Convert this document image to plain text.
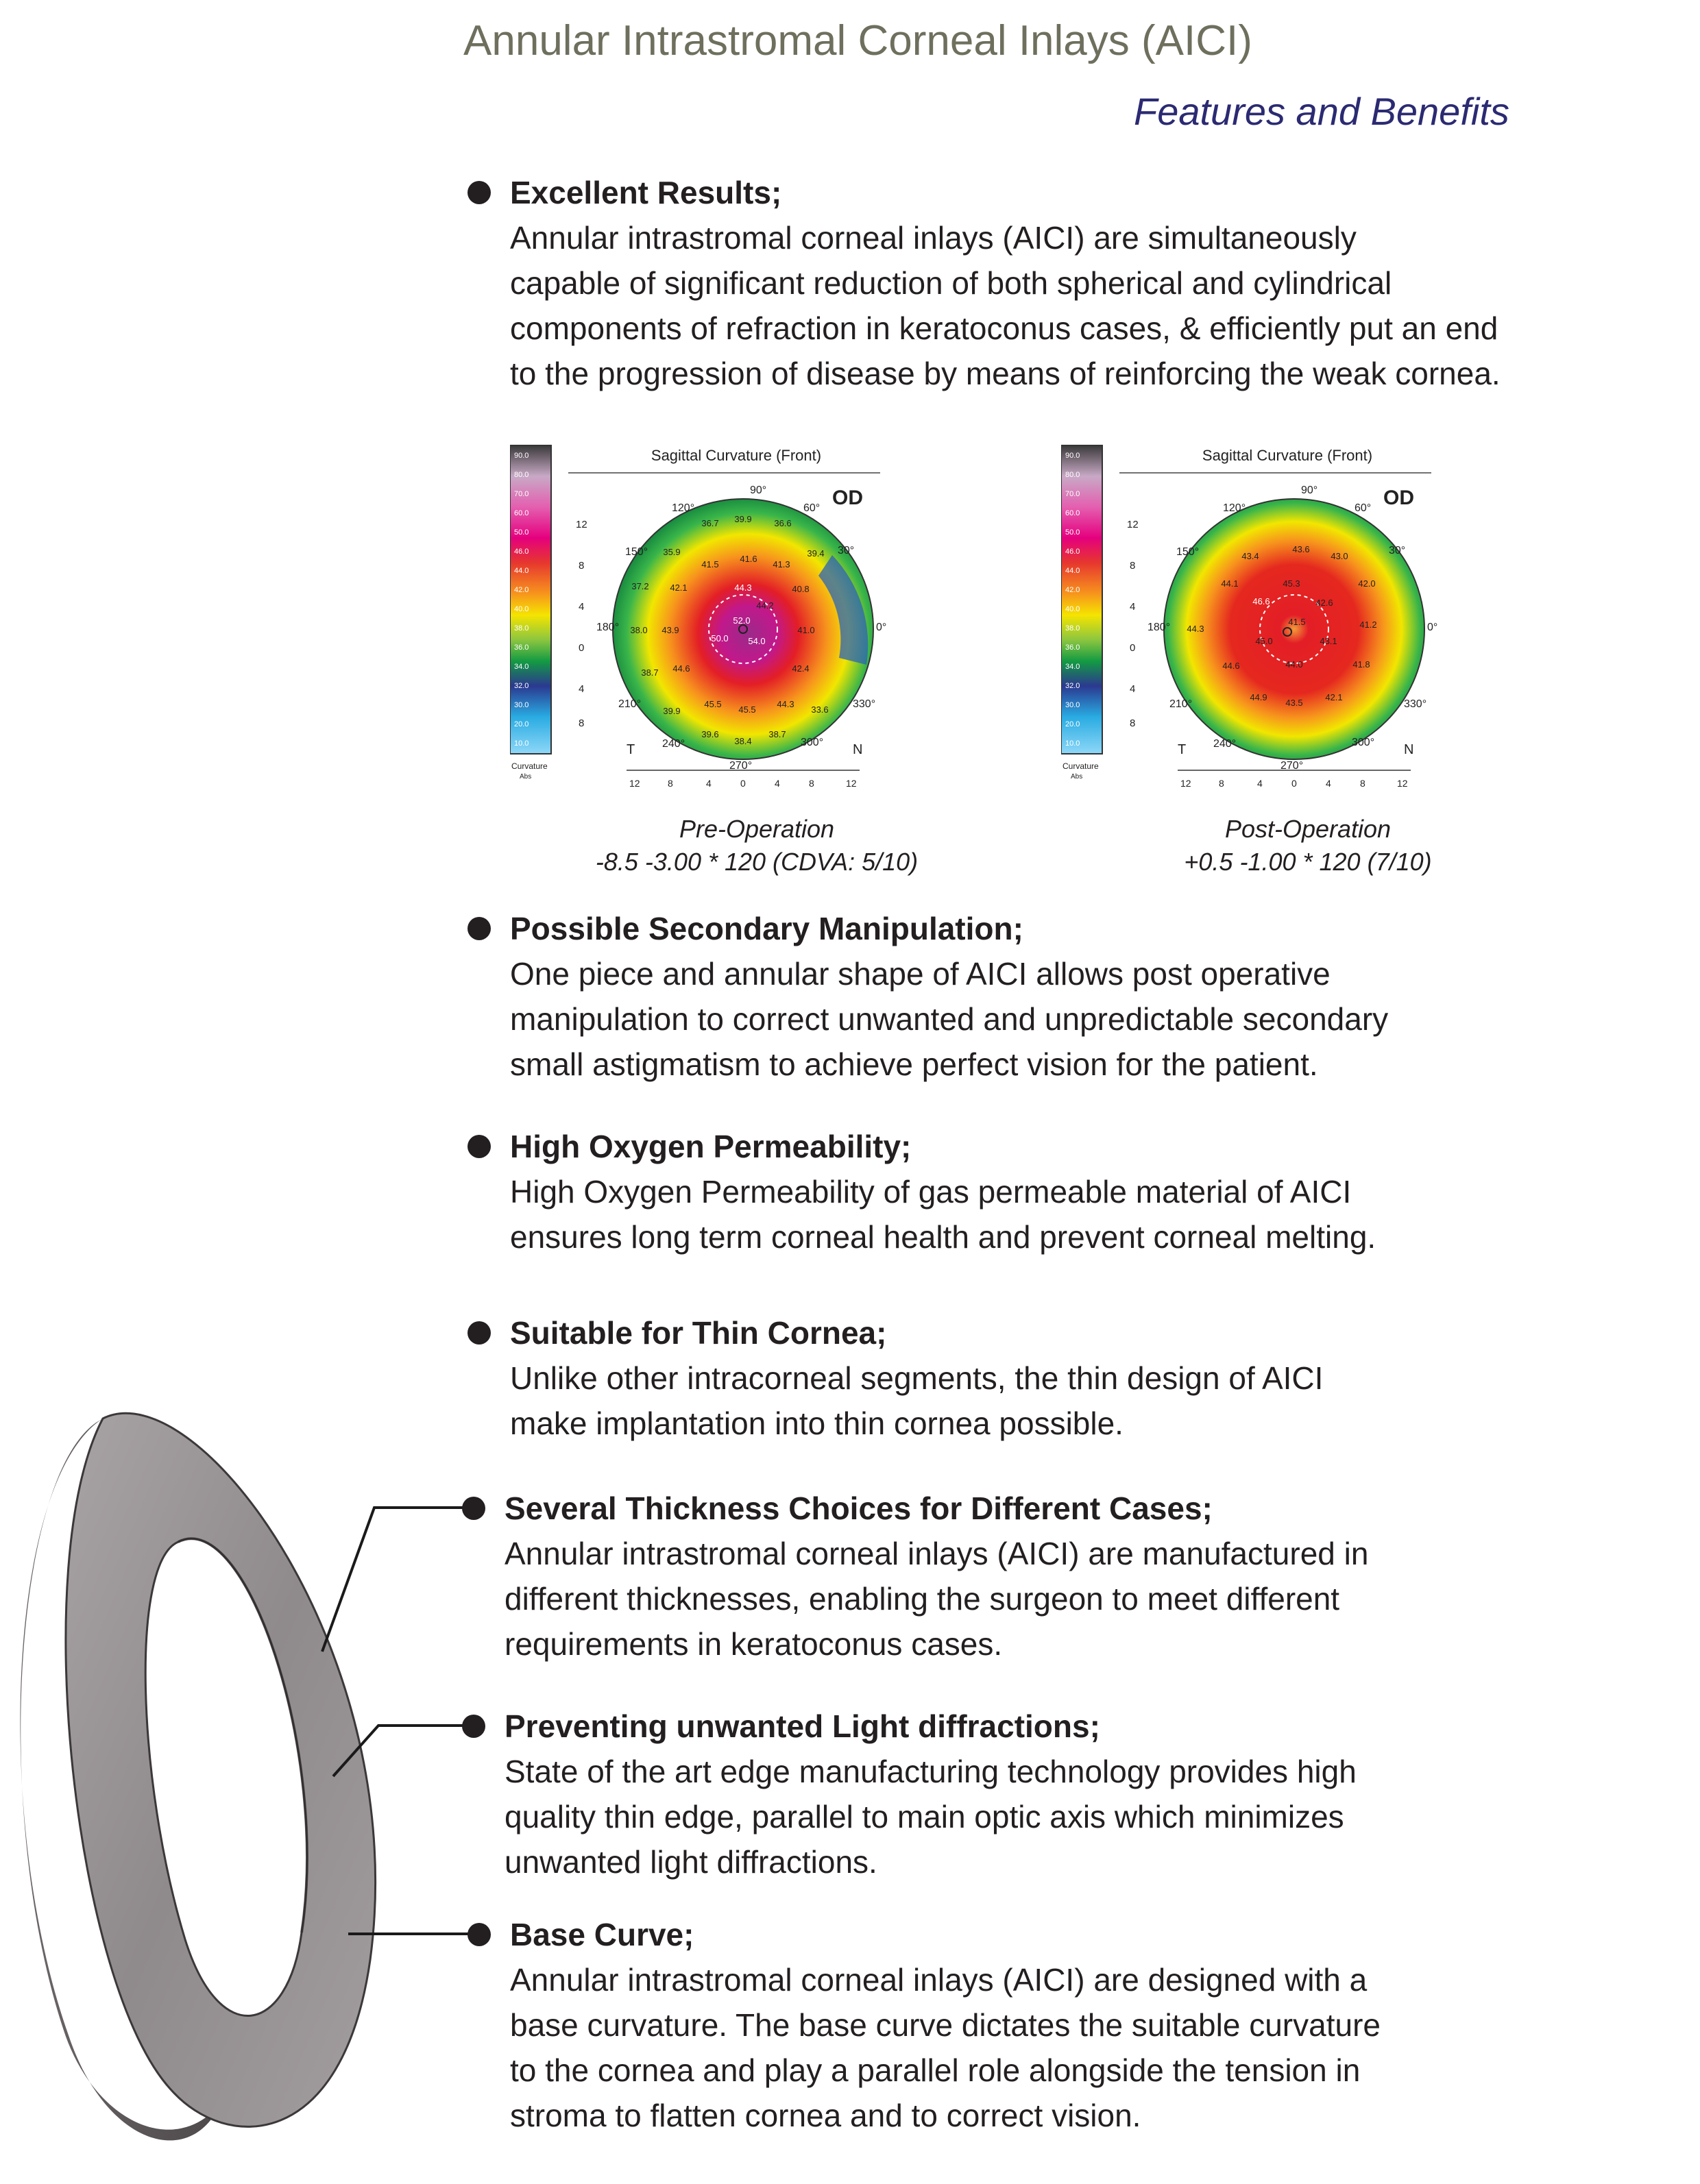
Annular Intrastromal Corneal Inlays (AICI)
Features and Benefits
Excellent Results;
Annular intrastromal corneal inlays (AICI) are simultaneously
capable of significant reduction of both spherical and cylindrical
components of refraction in keratoconus cases, & efficiently put an end
to the progression of disease by means of reinforcing the weak cornea.
90.0
80.0
70.0
60.0
50.0
46.0
44.0
42.0
40.0
38.0
36.0
34.0
32.0
30.0
20.0
10.0
Curvature
Abs
Sagittal Curvature (Front)
OD
90°
60°
30°
0°
330°
300°
270°
240°
210°
180°
150°
120°
12
8
4
0
4
8
T	N
12	8	4	0	4	8	12
36.7 39.9	36.6
35.9
41.5
41.6
41.3
39.4
37.2 42.1	44.3	40.8
44.2
38.0 43.9
52.0
41.0
50.0 54.0
38.7 44.6	42.4
39.9
45.5
45.5
44.3
33.6
39.6
38.4
38.7
Pre-Operation
-8.5 -3.00 * 120 (CDVA: 5/10)
90.0
80.0
70.0
60.0
50.0
46.0
44.0
42.0
40.0
38.0
36.0
34.0
32.0
30.0
20.0
10.0
Curvature
Abs
Sagittal Curvature (Front)
OD
90°
60°
30°
0°
330°
300°
270°
240°
210°
180°
150°
120°
12
8
4
0
4
8
T	N
12	8	4	0	4	8	12
43.6
43.4	43.0
44.1	45.3	42.0
46.6	42.6
44.3
41.5	41.2
45.0	43.1
44.6	44.0	41.8
44.9
43.5
42.1
Post-Operation
+0.5 -1.00 * 120 (7/10)
Possible Secondary Manipulation;
One piece and annular shape of AICI allows post operative
manipulation to correct unwanted and unpredictable secondary
small astigmatism to achieve perfect vision for the patient.
High Oxygen Permeability;
High Oxygen Permeability of gas permeable material of AICI
ensures long term corneal health and prevent corneal melting.
Suitable for Thin Cornea;
Unlike other intracorneal segments, the thin design of AICI
make implantation into thin cornea possible.
Several Thickness Choices for Different Cases;
Annular intrastromal corneal inlays (AICI) are manufactured in
different thicknesses, enabling the surgeon to meet different
requirements in keratoconus cases.
Preventing unwanted Light diffractions;
State of the art edge manufacturing technology provides high
quality thin edge, parallel to main optic axis which minimizes
unwanted light diffractions.
Base Curve;
Annular intrastromal corneal inlays (AICI) are designed with a
base curvature. The base curve dictates the suitable curvature
to the cornea and play a parallel role alongside the tension in
stroma to flatten cornea and to correct vision.
